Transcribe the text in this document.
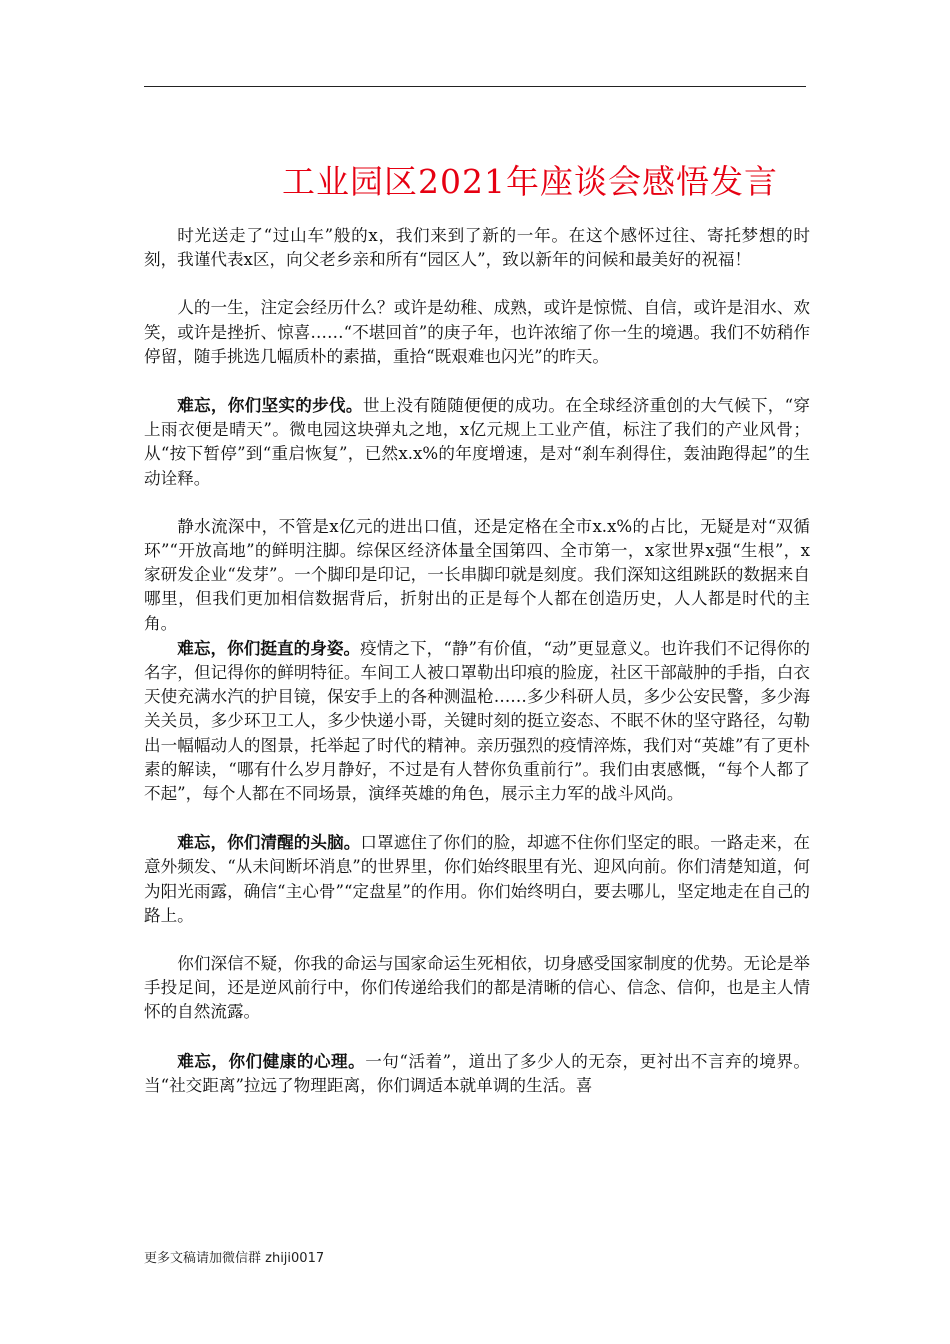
工业园区2021年座谈会感悟发言

时光送走了“过山车”般的x，我们来到了新的一年。在这个感怀过往、寄托梦想的时刻，我谨代表x区，向父老乡亲和所有“园区人”，致以新年的问候和最美好的祝福！

人的一生，注定会经历什么？或许是幼稚、成熟，或许是惊慌、自信，或许是泪水、欢笑，或许是挫折、惊喜……“不堪回首”的庚子年，也许浓缩了你一生的境遇。我们不妨稍作停留，随手挑选几幅质朴的素描，重拾“既艰难也闪光”的昨天。

难忘，你们坚实的步伐。世上没有随随便便的成功。在全球经济重创的大气候下，“穿上雨衣便是晴天”。微电园这块弹丸之地，x亿元规上工业产值，标注了我们的产业风骨；从“按下暂停”到“重启恢复”，已然x.x%的年度增速，是对“刹车刹得住，轰油跑得起”的生动诠释。

静水流深中，不管是x亿元的进出口值，还是定格在全市x.x%的占比，无疑是对“双循环”“开放高地”的鲜明注脚。综保区经济体量全国第四、全市第一，x家世界x强“生根”，x家研发企业“发芽”。一个脚印是印记，一长串脚印就是刻度。我们深知这组跳跃的数据来自哪里，但我们更加相信数据背后，折射出的正是每个人都在创造历史，人人都是时代的主角。

难忘，你们挺直的身姿。疫情之下，“静”有价值，“动”更显意义。也许我们不记得你的名字，但记得你的鲜明特征。车间工人被口罩勒出印痕的脸庞，社区干部敲肿的手指，白衣天使充满水汽的护目镜，保安手上的各种测温枪……多少科研人员，多少公安民警，多少海关关员，多少环卫工人，多少快递小哥，关键时刻的挺立姿态、不眠不休的坚守路径，勾勒出一幅幅动人的图景，托举起了时代的精神。亲历强烈的疫情淬炼，我们对“英雄”有了更朴素的解读，“哪有什么岁月静好，不过是有人替你负重前行”。我们由衷感慨，“每个人都了不起”，每个人都在不同场景，演绎英雄的角色，展示主力军的战斗风尚。

难忘，你们清醒的头脑。口罩遮住了你们的脸，却遮不住你们坚定的眼。一路走来，在意外频发、“从未间断坏消息”的世界里，你们始终眼里有光、迎风向前。你们清楚知道，何为阳光雨露，确信“主心骨”“定盘星”的作用。你们始终明白，要去哪儿，坚定地走在自己的路上。

你们深信不疑，你我的命运与国家命运生死相依，切身感受国家制度的优势。无论是举手投足间，还是逆风前行中，你们传递给我们的都是清晰的信心、信念、信仰，也是主人情怀的自然流露。

难忘，你们健康的心理。一句“活着”，道出了多少人的无奈，更衬出不言弃的境界。当“社交距离”拉远了物理距离，你们调适本就单调的生活。喜

更多文稿请加微信群 zhiji0017
